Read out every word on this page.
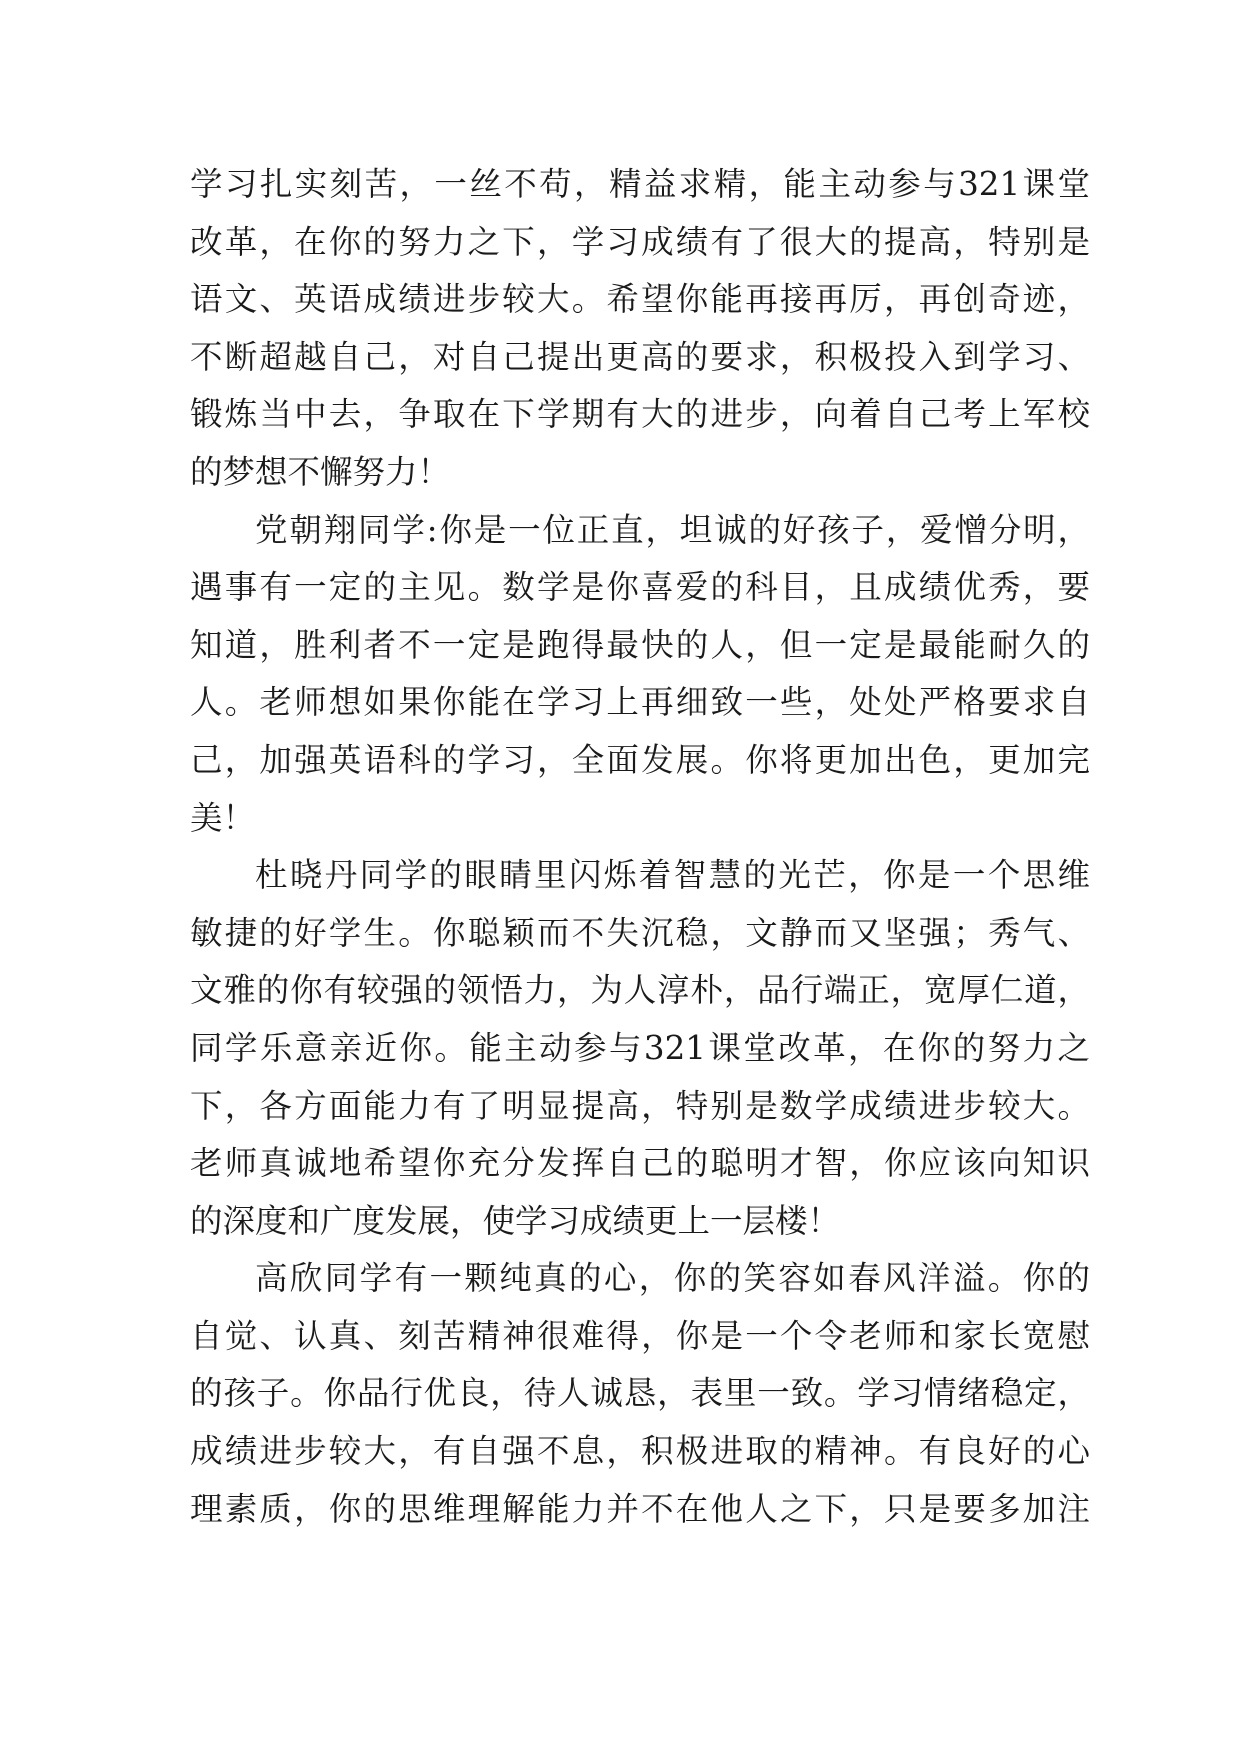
学习扎实刻苦，一丝不苟，精益求精，能主动参与321课堂
改革，在你的努力之下，学习成绩有了很大的提高，特别是
语文、英语成绩进步较大。希望你能再接再厉，再创奇迹，
不断超越自己，对自己提出更高的要求，积极投入到学习、
锻炼当中去，争取在下学期有大的进步，向着自己考上军校
的梦想不懈努力！
党朝翔同学:你是一位正直，坦诚的好孩子，爱憎分明，
遇事有一定的主见。数学是你喜爱的科目，且成绩优秀，要
知道，胜利者不一定是跑得最快的人，但一定是最能耐久的
人。老师想如果你能在学习上再细致一些，处处严格要求自
己，加强英语科的学习，全面发展。你将更加出色，更加完
美！
杜晓丹同学的眼睛里闪烁着智慧的光芒，你是一个思维
敏捷的好学生。你聪颖而不失沉稳，文静而又坚强；秀气、
文雅的你有较强的领悟力，为人淳朴，品行端正，宽厚仁道，
同学乐意亲近你。能主动参与321课堂改革，在你的努力之
下，各方面能力有了明显提高，特别是数学成绩进步较大。
老师真诚地希望你充分发挥自己的聪明才智，你应该向知识
的深度和广度发展，使学习成绩更上一层楼！
高欣同学有一颗纯真的心，你的笑容如春风洋溢。你的
自觉、认真、刻苦精神很难得，你是一个令老师和家长宽慰
的孩子。你品行优良，待人诚恳，表里一致。学习情绪稳定，
成绩进步较大，有自强不息，积极进取的精神。有良好的心
理素质，你的思维理解能力并不在他人之下，只是要多加注
